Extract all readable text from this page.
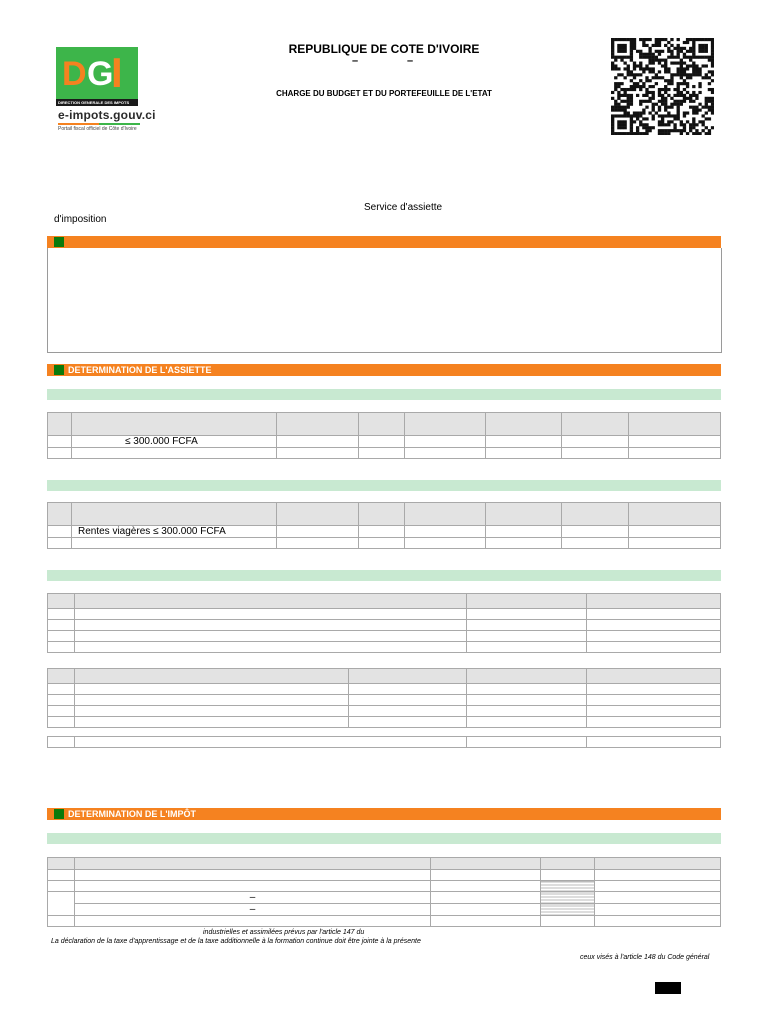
D G
I
DIRECTION GENERALE DES IMPOTS
e-impots.gouv.ci
Portail fiscal officiel de Côte d'Ivoire
REPUBLIQUE DE COTE D'IVOIRE
–	–
CHARGE DU BUDGET ET DU PORTEFEUILLE DE L'ETAT
Service d'assiette
d'imposition
DETERMINATION DE L'ASSIETTE

	≤ 300.000 FCFA						

	Rentes viagères ≤ 300.000 FCFA						

DETERMINATION DE L'IMPÔT

	–			
	–			

industrielles et assimilées prévus par l'article 147 du
La déclaration de la taxe d'apprentissage et de la taxe additionnelle à la formation continue doit être jointe à la présente
ceux visés à l'article 148 du Code général
